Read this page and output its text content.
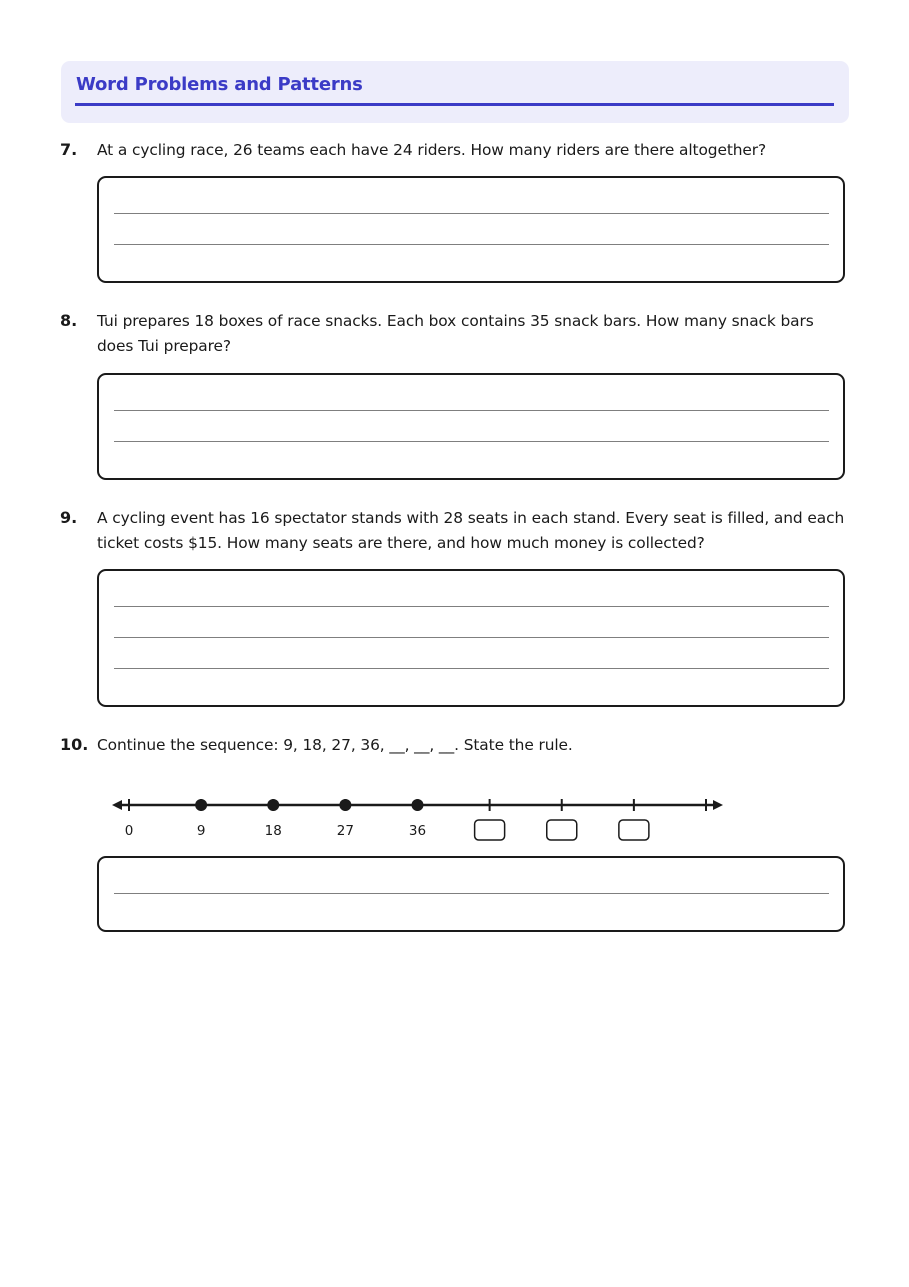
Word Problems and Patterns
7. At a cycling race, 26 teams each have 24 riders. How many riders are there altogether?
8. Tui prepares 18 boxes of race snacks. Each box contains 35 snack bars. How many snack bars does Tui prepare?
9. A cycling event has 16 spectator stands with 28 seats in each stand. Every seat is filled, and each ticket costs $15. How many seats are there, and how much money is collected?
10. Continue the sequence: 9, 18, 27, 36, __, __, __. State the rule.
0	9	18	27	36
